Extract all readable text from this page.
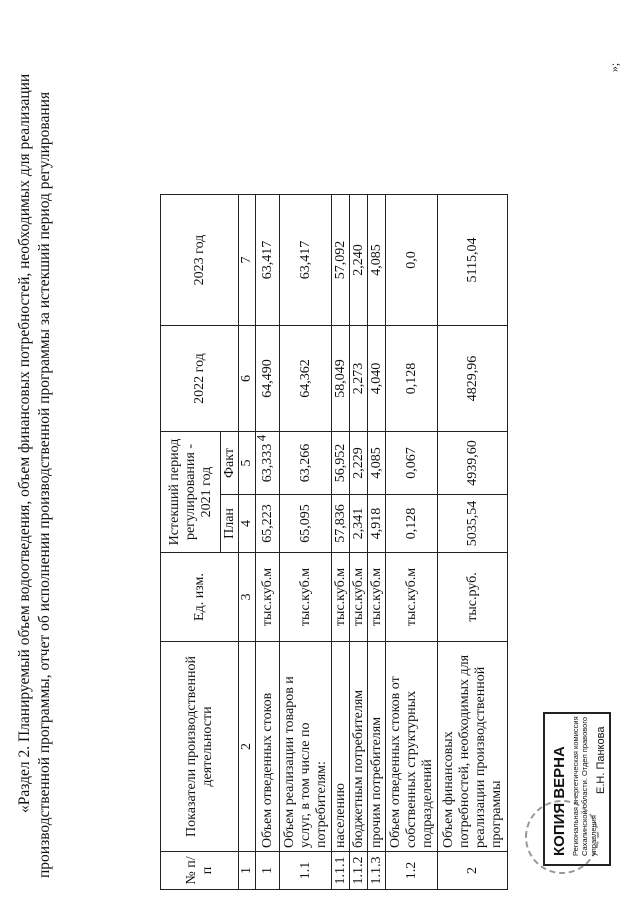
4
«Раздел 2. Планируемый объем водоотведения, объем финансовых потребностей, необходимых для реализации производственной программы, отчет об исполнении производственной программы за истекший период регулирования	№ п/п	Показатели производственной деятельности	Ед. изм.	Истекший период регулирования - 2021 год		2022 год	2023 год
			План	Факт		
1	2	3	4	5	6	7
1	Объем отведенных стоков	тыс.куб.м	65,223	63,333	64,490	63,417
1.1	Объем реализации товаров и услуг, в том числе по потребителям:	тыс.куб.м	65,095	63,266	64,362	63,417
1.1.1	населению	тыс.куб.м	57,836	56,952	58,049	57,092
1.1.2	бюджетным потребителям	тыс.куб.м	2,341	2,229	2,273	2,240
1.1.3	прочим потребителям	тыс.куб.м	4,918	4,085	4,040	4,085
1.2	Объем отведенных стоков от собственных структурных подразделений	тыс.куб.м	0,128	0,067	0,128	0,0
2	Объем финансовых потребностей, необходимых для реализации производственной программы	тыс.руб.	5035,54	4939,60	4829,96	5115,04
КОПИЯ ВЕРНА Региональная энергетическая комиссия Сахалинской области. Отдел правового управления
Е.Н. Панкова
»;
